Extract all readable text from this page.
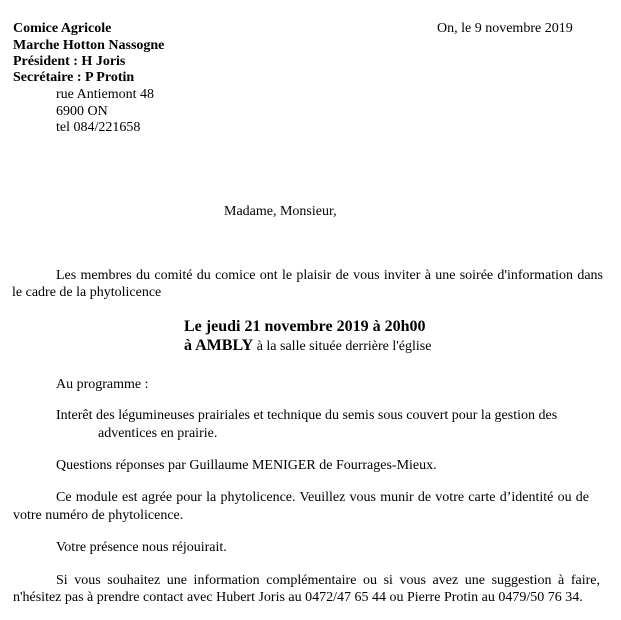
Comice Agricole
Marche Hotton Nassogne
Président : H Joris
Secrétaire : P Protin
rue Antiemont 48
6900 ON
tel 084/221658
On, le 9 novembre 2019
Madame, Monsieur,
Les membres du comité du comice ont le plaisir de vous inviter à une soirée d'information dans
le cadre de la phytolicence
Le jeudi 21 novembre 2019 à 20h00
à AMBLY à la salle située derrière l'église
Au programme :
Interêt des légumineuses prairiales et technique du semis sous couvert pour la gestion des
adventices en prairie.
Questions réponses par Guillaume MENIGER de Fourrages-Mieux.
Ce module est agrée pour la phytolicence. Veuillez vous munir de votre carte d’identité ou de
votre numéro de phytolicence.
Votre présence nous réjouirait.
Si vous souhaitez une information complémentaire ou si vous avez une suggestion à faire,
n'hésitez pas à prendre contact avec Hubert Joris au 0472/47 65 44 ou Pierre Protin au 0479/50 76 34.
